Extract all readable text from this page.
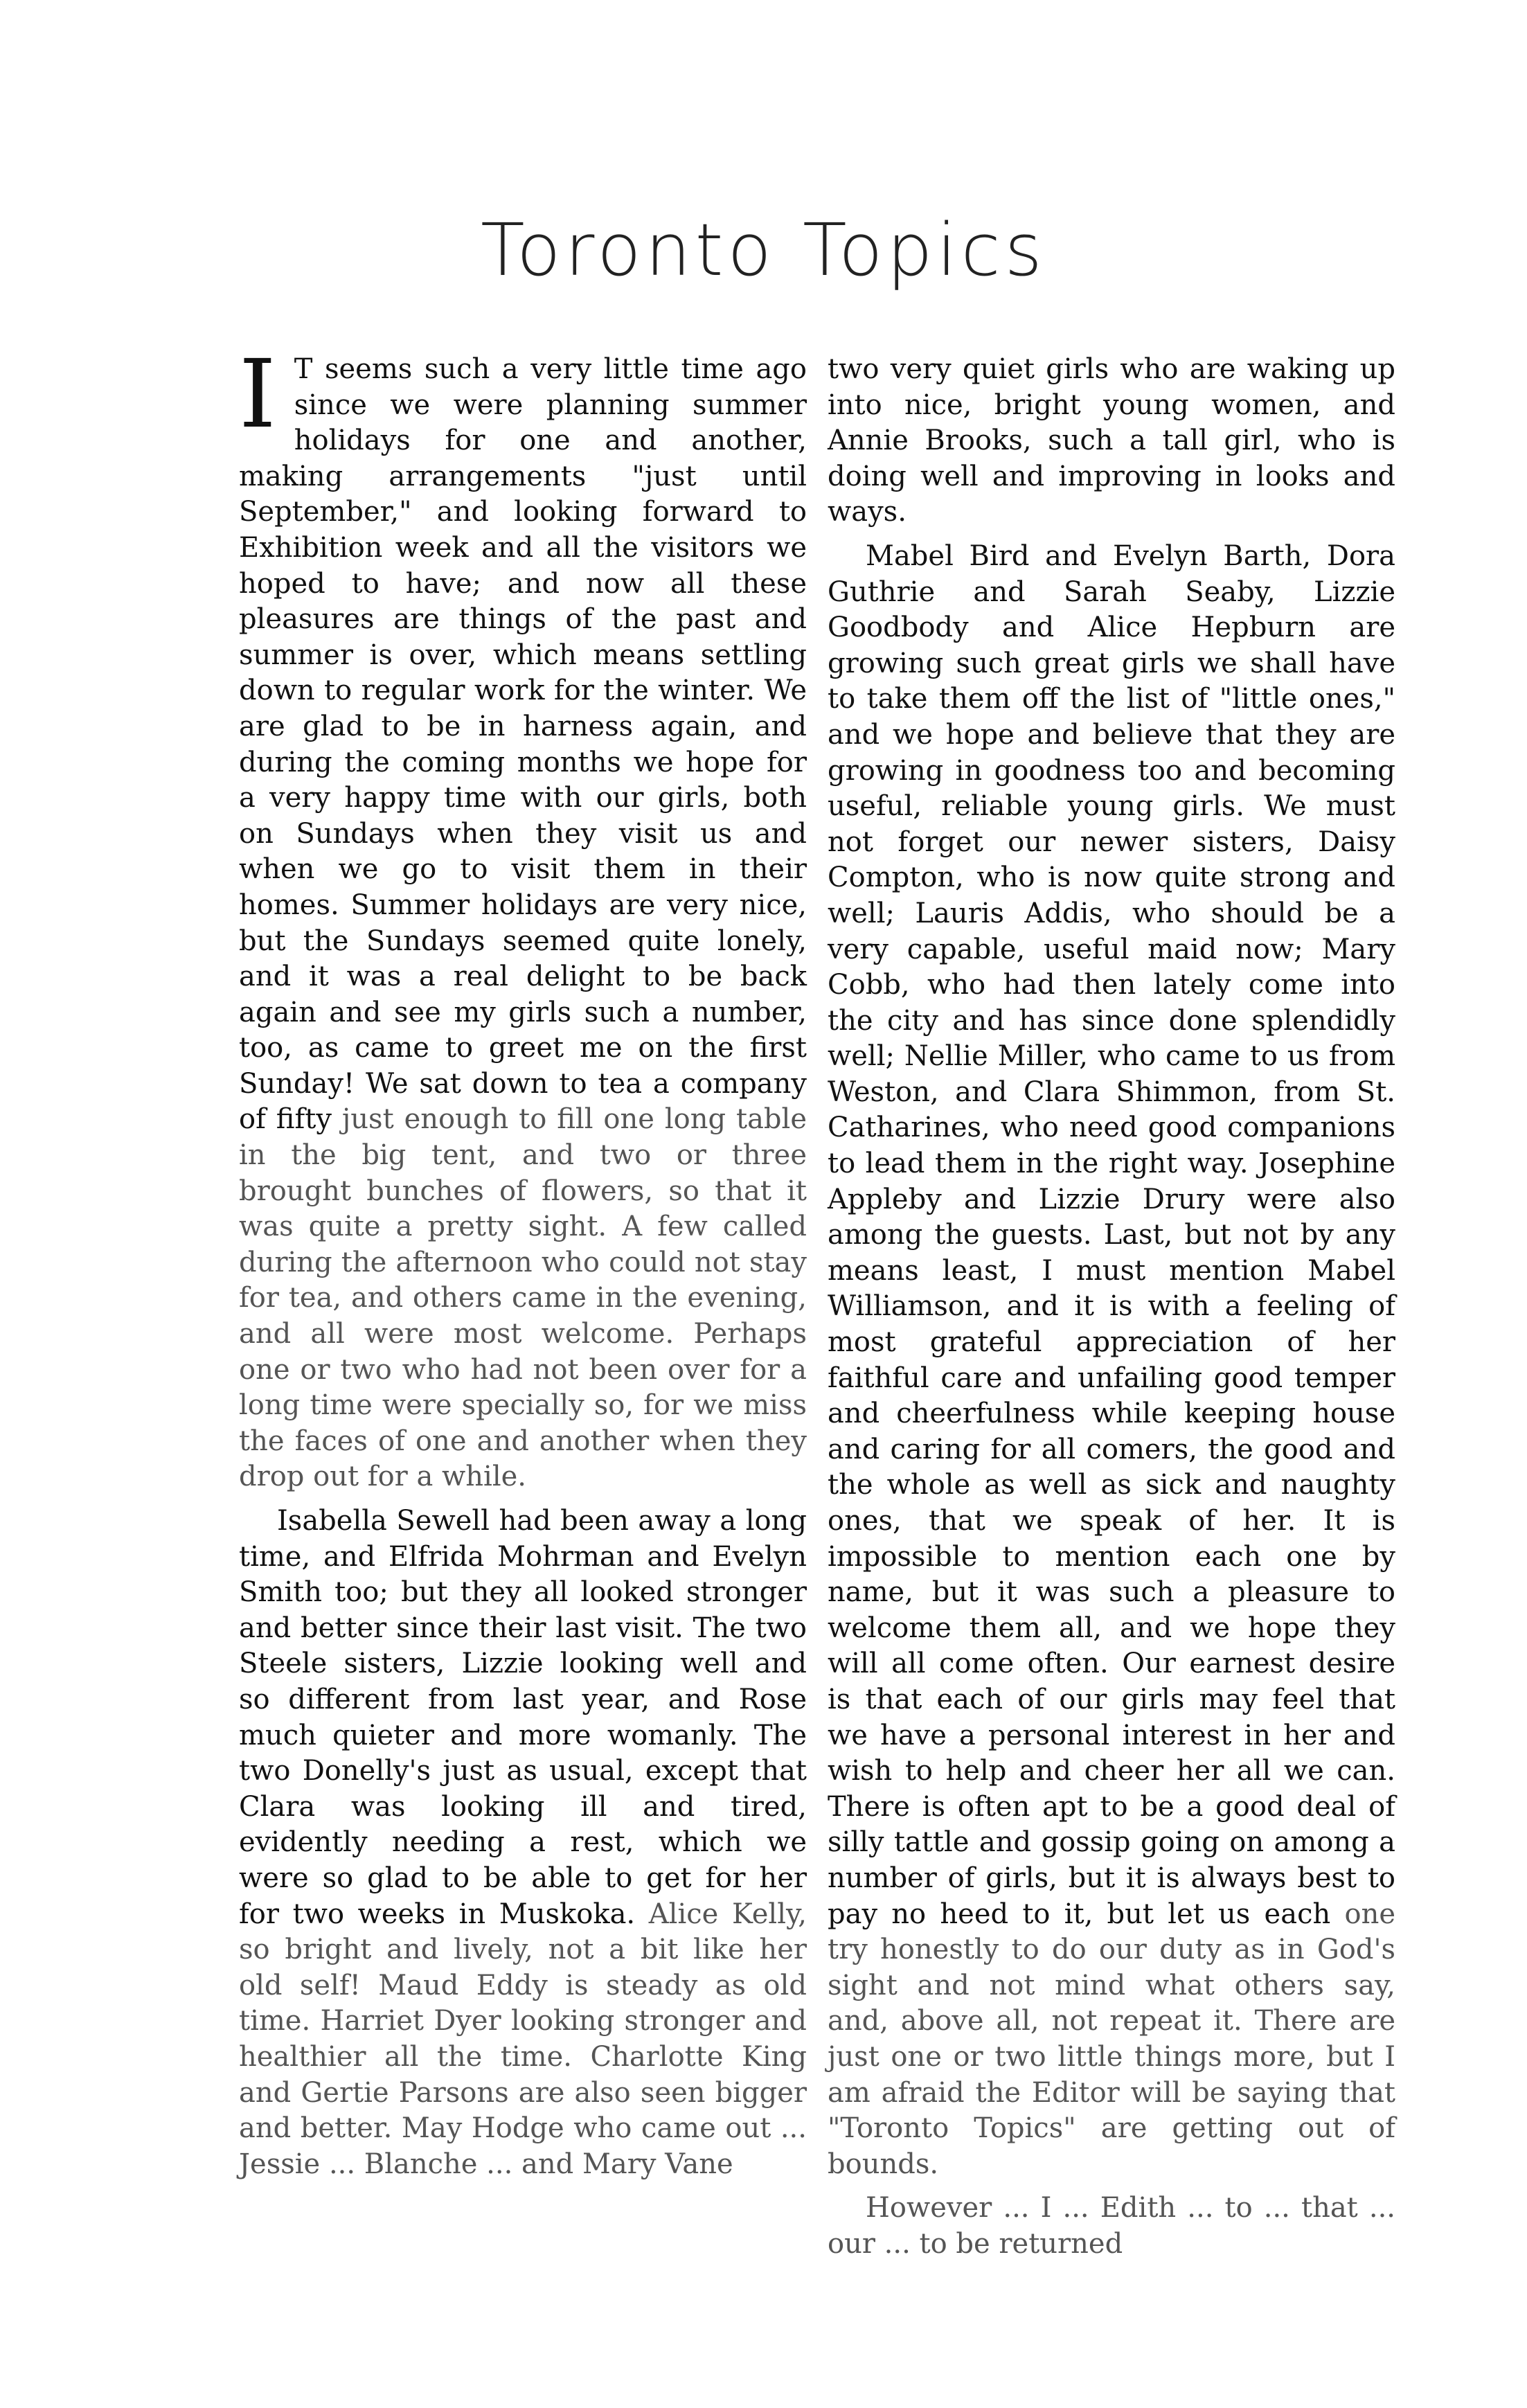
Toronto Topics

I T seems such a very little time ago since we were planning summer holidays for one and another, making arrangements "just until September," and looking forward to Exhibition week and all the visitors we hoped to have; and now all these pleasures are things of the past and summer is over, which means settling down to regular work for the winter. We are glad to be in harness again, and during the coming months we hope for a very happy time with our girls, both on Sundays when they visit us and when we go to visit them in their homes. Summer holidays are very nice, but the Sundays seemed quite lonely, and it was a real delight to be back again and see my girls such a number, too, as came to greet me on the first Sunday! We sat down to tea a company of fifty just enough to fill one long table in the big tent, and two or three brought bunches of flowers, so that it was quite a pretty sight. A few called during the afternoon who could not stay for tea, and others came in the evening, and all were most welcome. Perhaps one or two who had not been over for a long time were specially so, for we miss the faces of one and another when they drop out for a while.

Isabella Sewell had been away a long time, and Elfrida Mohrman and Evelyn Smith too; but they all looked stronger and better since their last visit. The two Steele sisters, Lizzie looking well and so different from last year, and Rose much quieter and more womanly. The two Donelly's just as usual, except that Clara was looking ill and tired, evidently needing a rest, which we were so glad to be able to get for her for two weeks in Muskoka. Alice Kelly, so bright and lively, not a bit like her old self! Maud Eddy is steady as old time. Harriet Dyer looking stronger and healthier all the time. Charlotte King and Gertie Parsons are also seen bigger and better. May Hodge who came out ... Jessie ... Blanche ... and Mary Vane

two very quiet girls who are waking up into nice, bright young women, and Annie Brooks, such a tall girl, who is doing well and improving in looks and ways.

Mabel Bird and Evelyn Barth, Dora Guthrie and Sarah Seaby, Lizzie Goodbody and Alice Hepburn are growing such great girls we shall have to take them off the list of "little ones," and we hope and believe that they are growing in goodness too and becoming useful, reliable young girls. We must not forget our newer sisters, Daisy Compton, who is now quite strong and well; Lauris Addis, who should be a very capable, useful maid now; Mary Cobb, who had then lately come into the city and has since done splendidly well; Nellie Miller, who came to us from Weston, and Clara Shimmon, from St. Catharines, who need good companions to lead them in the right way. Josephine Appleby and Lizzie Drury were also among the guests. Last, but not by any means least, I must mention Mabel Williamson, and it is with a feeling of most grateful appreciation of her faithful care and unfailing good temper and cheerfulness while keeping house and caring for all comers, the good and the whole as well as sick and naughty ones, that we speak of her. It is impossible to mention each one by name, but it was such a pleasure to welcome them all, and we hope they will all come often. Our earnest desire is that each of our girls may feel that we have a personal interest in her and wish to help and cheer her all we can. There is often apt to be a good deal of silly tattle and gossip going on among a number of girls, but it is always best to pay no heed to it, but let us each one try honestly to do our duty as in God's sight and not mind what others say, and, above all, not repeat it. There are just one or two little things more, but I am afraid the Editor will be saying that "Toronto Topics" are getting out of bounds.

However ... I ... Edith ... to ... that ... our ... to be returned
